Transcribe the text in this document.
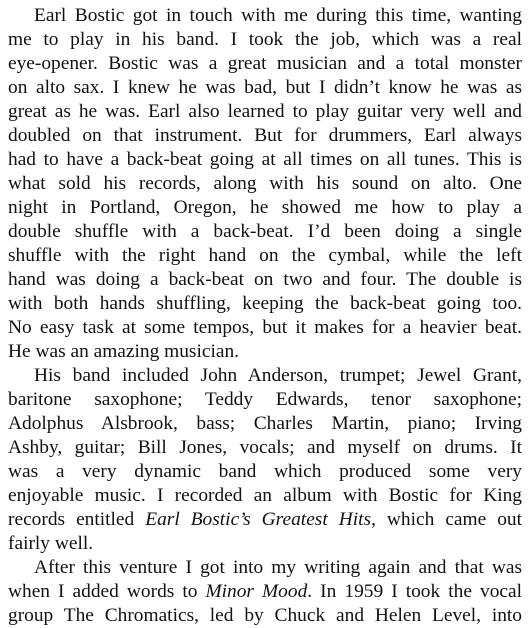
Earl Bostic got in touch with me during this time, wanting
me to play in his band. I took the job, which was a real
eye-opener. Bostic was a great musician and a total monster
on alto sax. I knew he was bad, but I didn’t know he was as
great as he was. Earl also learned to play guitar very well and
doubled on that instrument. But for drummers, Earl always
had to have a back-beat going at all times on all tunes. This is
what sold his records, along with his sound on alto. One
night in Portland, Oregon, he showed me how to play a
double shuffle with a back-beat. I’d been doing a single
shuffle with the right hand on the cymbal, while the left
hand was doing a back-beat on two and four. The double is
with both hands shuffling, keeping the back-beat going too.
No easy task at some tempos, but it makes for a heavier beat.
He was an amazing musician.
His band included John Anderson, trumpet; Jewel Grant,
baritone saxophone; Teddy Edwards, tenor saxophone;
Adolphus Alsbrook, bass; Charles Martin, piano; Irving
Ashby, guitar; Bill Jones, vocals; and myself on drums. It
was a very dynamic band which produced some very
enjoyable music. I recorded an album with Bostic for King
records entitled Earl Bostic’s Greatest Hits, which came out
fairly well.
After this venture I got into my writing again and that was
when I added words to Minor Mood. In 1959 I took the vocal
group The Chromatics, led by Chuck and Helen Level, into
